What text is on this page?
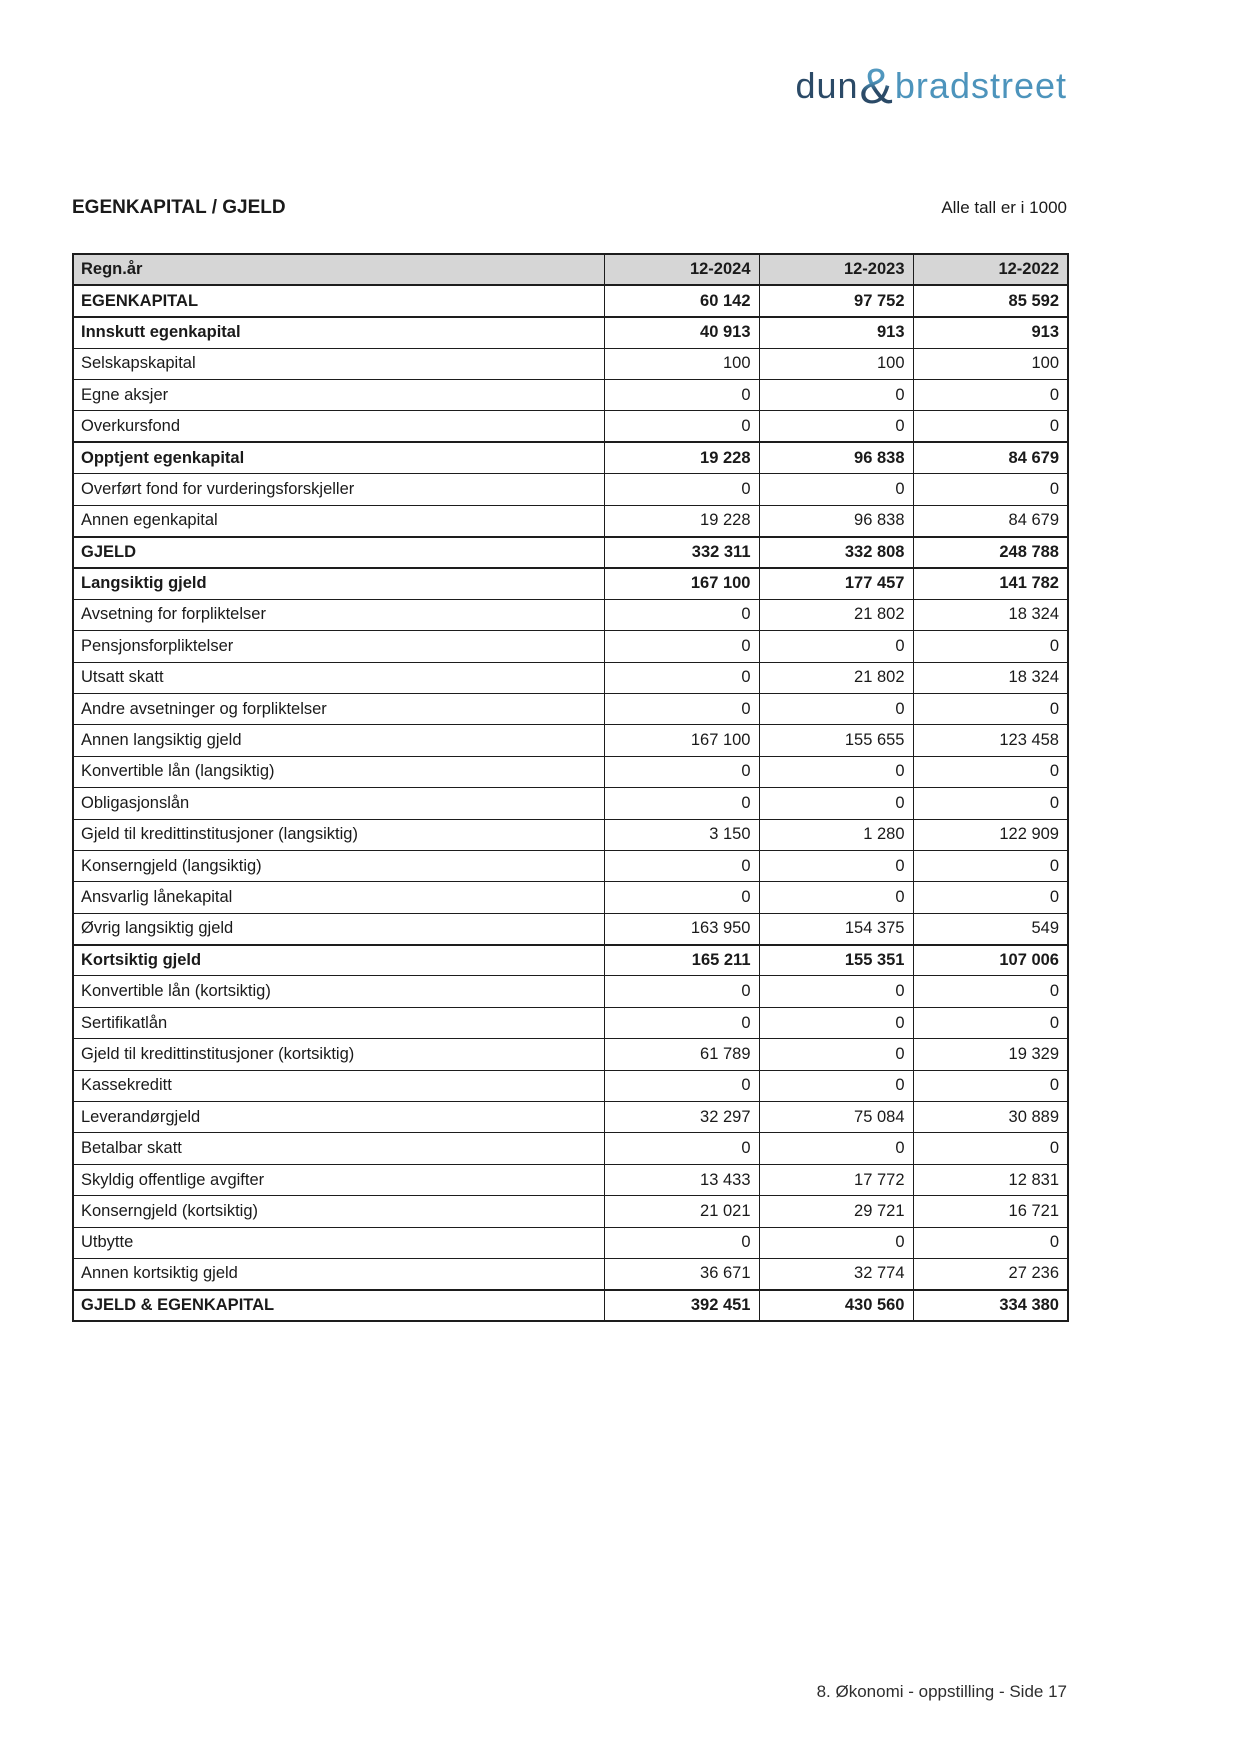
dun&bradstreet
EGENKAPITAL / GJELD	Alle tall er i 1000
Regn.år	12-2024	12-2023	12-2022
EGENKAPITAL	60 142	97 752	85 592
Innskutt egenkapital	40 913	913	913
Selskapskapital	100	100	100
Egne aksjer	0	0	0
Overkursfond	0	0	0
Opptjent egenkapital	19 228	96 838	84 679
Overført fond for vurderingsforskjeller	0	0	0
Annen egenkapital	19 228	96 838	84 679
GJELD	332 311	332 808	248 788
Langsiktig gjeld	167 100	177 457	141 782
Avsetning for forpliktelser	0	21 802	18 324
Pensjonsforpliktelser	0	0	0
Utsatt skatt	0	21 802	18 324
Andre avsetninger og forpliktelser	0	0	0
Annen langsiktig gjeld	167 100	155 655	123 458
Konvertible lån (langsiktig)	0	0	0
Obligasjonslån	0	0	0
Gjeld til kredittinstitusjoner (langsiktig)	3 150	1 280	122 909
Konserngjeld (langsiktig)	0	0	0
Ansvarlig lånekapital	0	0	0
Øvrig langsiktig gjeld	163 950	154 375	549
Kortsiktig gjeld	165 211	155 351	107 006
Konvertible lån (kortsiktig)	0	0	0
Sertifikatlån	0	0	0
Gjeld til kredittinstitusjoner (kortsiktig)	61 789	0	19 329
Kassekreditt	0	0	0
Leverandørgjeld	32 297	75 084	30 889
Betalbar skatt	0	0	0
Skyldig offentlige avgifter	13 433	17 772	12 831
Konserngjeld (kortsiktig)	21 021	29 721	16 721
Utbytte	0	0	0
Annen kortsiktig gjeld	36 671	32 774	27 236
GJELD & EGENKAPITAL	392 451	430 560	334 380
8. Økonomi - oppstilling - Side 17
